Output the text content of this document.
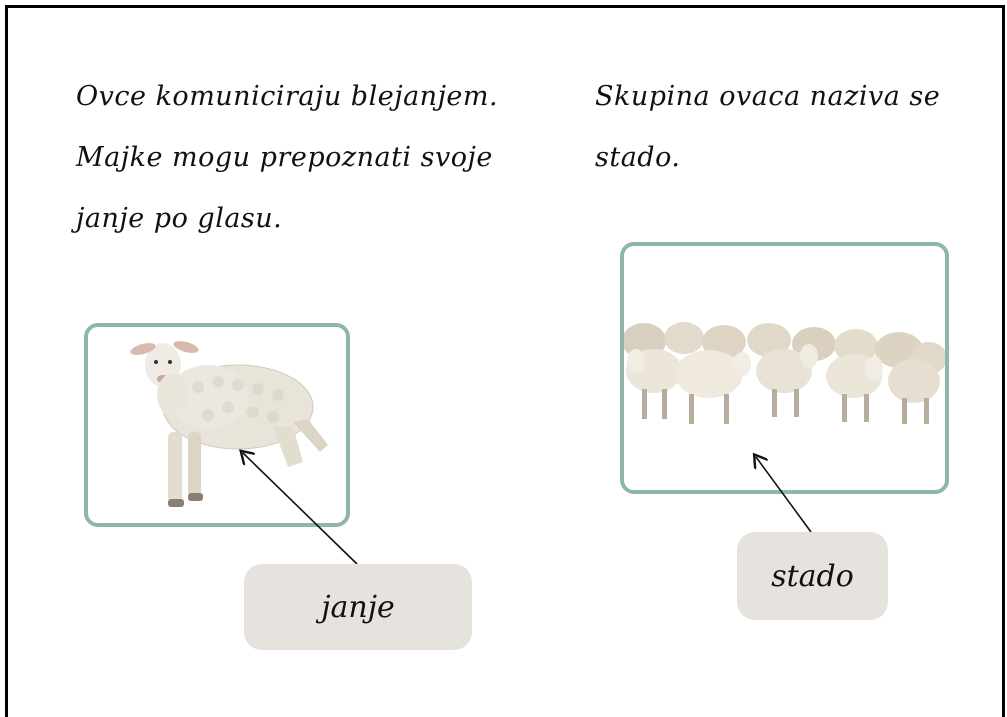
Ovce komuniciraju blejanjem.
Majke mogu prepoznati svoje
janje po glasu.

Skupina ovaca naziva se
stado.

janje
stado
